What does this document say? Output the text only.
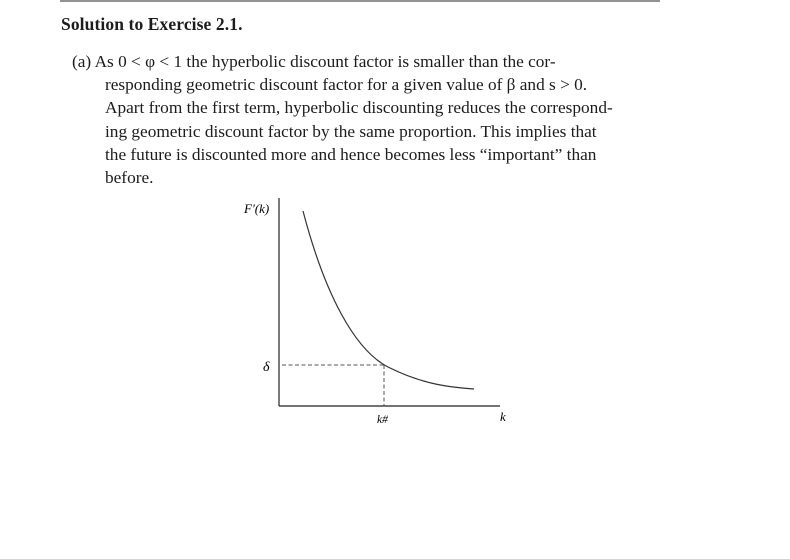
Solution to Exercise 2.1.
(a) As 0 < φ < 1 the hyperbolic discount factor is smaller than the cor-
responding geometric discount factor for a given value of β and s > 0.
Apart from the first term, hyperbolic discounting reduces the correspond-
ing geometric discount factor by the same proportion. This implies that
the future is discounted more and hence becomes less “important” than
before.
F′(k)
δ
k#	k
